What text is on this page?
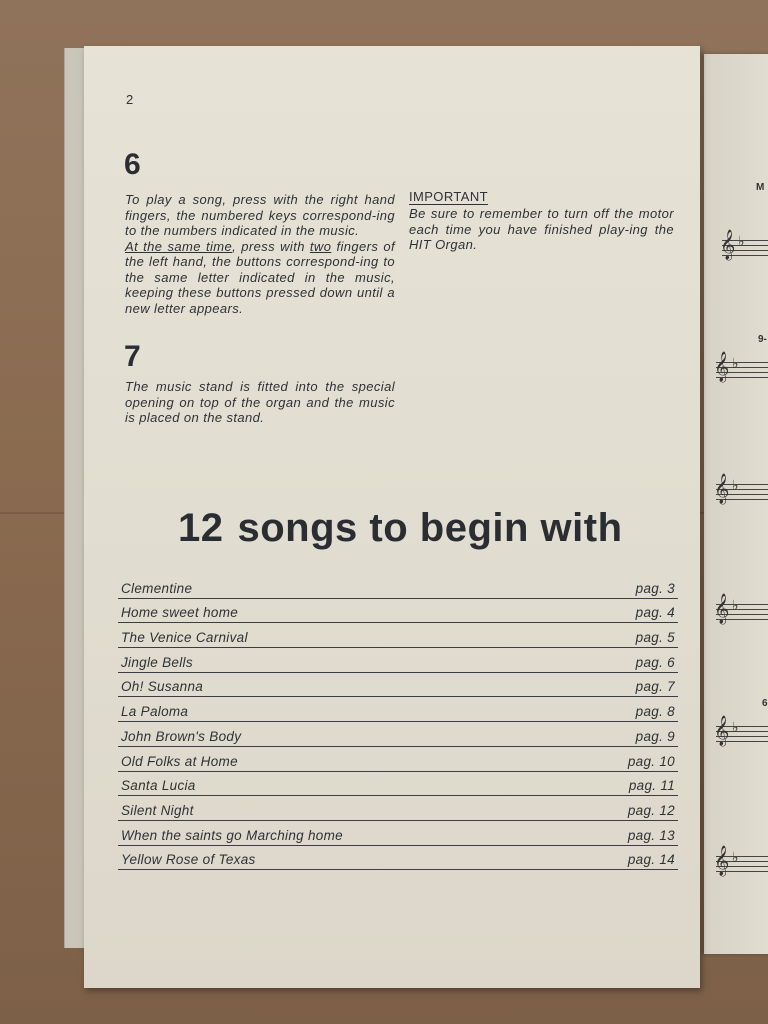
M
𝄞 ♭
9-
𝄞 ♭
𝄞 ♭
𝄞 ♭
6
𝄞 ♭
𝄞 ♭
2
6
To play a song, press with the right hand fingers, the numbered keys correspond-ing to the numbers indicated in the music.
At the same time, press with two fingers of the left hand, the buttons correspond-ing to the same letter indicated in the music, keeping these buttons pressed down until a new letter appears.
IMPORTANT
Be sure to remember to turn off the motor each time you have finished play-ing the HIT Organ.
7
The music stand is fitted into the special opening on top of the organ and the music is placed on the stand.
12 songs to begin with
Clementine	pag. 3
Home sweet home	pag. 4
The Venice Carnival	pag. 5
Jingle Bells	pag. 6
Oh! Susanna	pag. 7
La Paloma	pag. 8
John Brown's Body	pag. 9
Old Folks at Home	pag. 10
Santa Lucia	pag. 11
Silent Night	pag. 12
When the saints go Marching home	pag. 13
Yellow Rose of Texas	pag. 14
